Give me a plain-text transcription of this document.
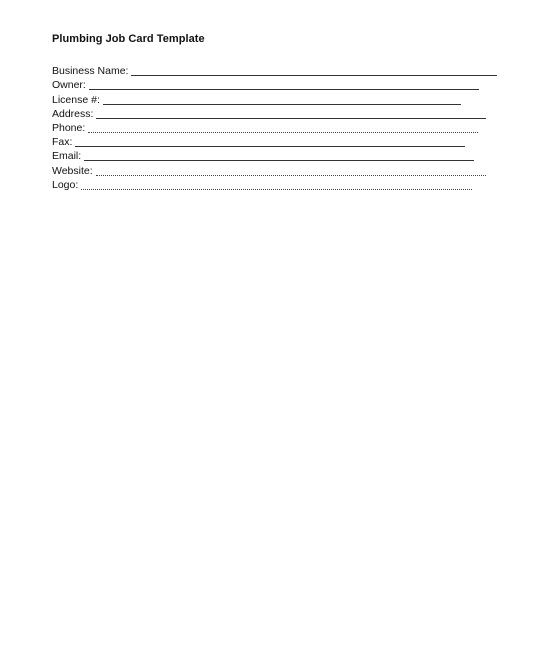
Plumbing Job Card Template
Business Name:
Owner:
License #:
Address:
Phone:
Fax:
Email:
Website:
Logo:
